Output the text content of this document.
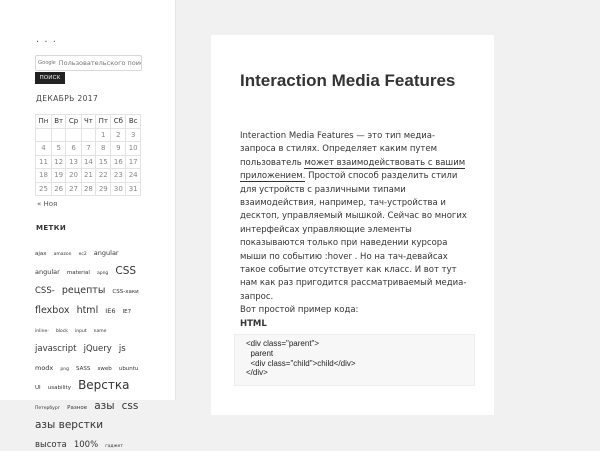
. . .
Google
Пользовательского поис
ПОИСК
ДЕКАБРЬ 2017
Пн	Вт	Ср	Чт	Пт	Сб	Вс
				1	2	3
4	5	6	7	8	9	10
11	12	13	14	15	16	17
18	19	20	21	22	23	24
25	26	27	28	29	30	31
« Ноя
МЕТКИ
ajax amazon ec2 angular angular material apng CSS CSS- рецепты CSS-хаки flexbox html IE6 IE7 inline- block input name javascript jQuery js modx png SASS sweb ubuntu UI usability Верстка Петербург Разное азы css азы верстки высота 100% гаджет
Interaction Media Features
Interaction Media Features — это тип медиа-запроса в стилях. Определяет каким путем пользователь может взаимодействовать с вашим приложением. Простой способ разделить стили для устройств с различными типами взаимодействия, например, тач-устройства и десктоп, управляемый мышкой. Сейчас во многих интерфейсах управляющие элементы показываются только при наведении курсора мыши по событию :hover . Но на тач-девайсах такое событие отсутствует как класс. И вот тут нам как раз пригодится рассматриваемый медиа-запрос.
Вот простой пример кода:
HTML
<div class="parent">
parent
<div class="child">child</div>
</div>
